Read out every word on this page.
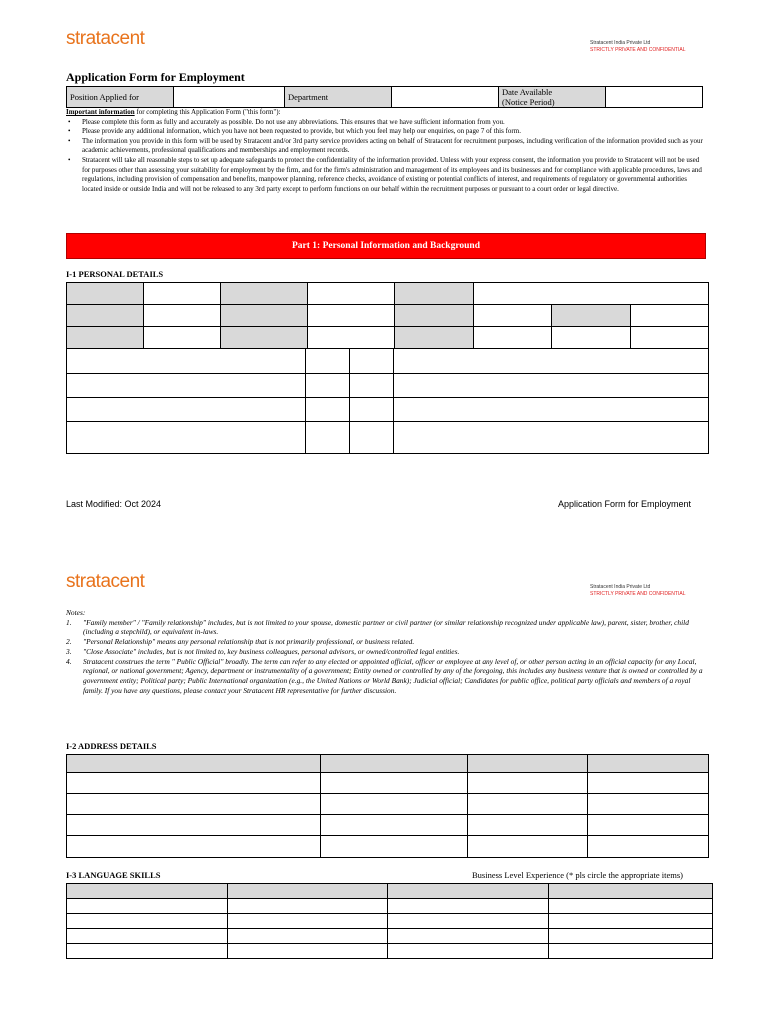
stratacent	Stratacent India Private Ltd
STRICTLY PRIVATE AND CONFIDENTIAL
Application Form for Employment
Position Applied for		Department		Date Available
(Notice Period)

Important information for completing this Application Form ("this form"):
• Please complete this form as fully and accurately as possible. Do not use any abbreviations. This ensures that we have sufficient information from you.
• Please provide any additional information, which you have not been requested to provide, but which you feel may help our enquiries, on page 7 of this form.
• The information you provide in this form will be used by Stratacent and/or 3rd party service providers acting on behalf of Stratacent for recruitment purposes, including verification of the information provided such as your academic achievements, professional qualifications and memberships and employment records.
• Stratacent will take all reasonable steps to set up adequate safeguards to protect the confidentiality of the information provided. Unless with your express consent, the information you provide to Stratacent will not be used for purposes other than assessing your suitability for employment by the firm, and for the firm's administration and management of its employees and its businesses and for compliance with applicable procedures, laws and regulations, including provision of compensation and benefits, manpower planning, reference checks, avoidance of existing or potential conflicts of interest, and requirements of regulatory or governmental authorities located inside or outside India and will not be released to any 3rd party except to perform functions on our behalf within the recruitment purposes or pursuant to a court order or legal directive.
Part 1: Personal Information and Background
I-1 PERSONAL DETAILS

Last Modified: Oct 2024	Application Form for Employment
stratacent	Stratacent India Private Ltd
STRICTLY PRIVATE AND CONFIDENTIAL
Notes:
1. "Family member" / "Family relationship" includes, but is not limited to your spouse, domestic partner or civil partner (or similar relationship recognized under applicable law), parent, sister, brother, child (including a stepchild), or equivalent in-laws.
2. "Personal Relationship" means any personal relationship that is not primarily professional, or business related.
3. "Close Associate" includes, but is not limited to, key business colleagues, personal advisors, or owned/controlled legal entities.
4. Stratacent construes the term " Public Official" broadly. The term can refer to any elected or appointed official, officer or employee at any level of, or other person acting in an official capacity for any Local, regional, or national government; Agency, department or instrumentality of a government; Entity owned or controlled by any of the foregoing, this includes any business venture that is owned or controlled by a government entity; Political party; Public International organization (e.g., the United Nations or World Bank); Judicial official; Candidates for public office, political party officials and members of a royal family. If you have any questions, please contact your Stratacent HR representative for further discussion.
I-2 ADDRESS DETAILS

I-3 LANGUAGE SKILLS	Business Level Experience (* pls circle the appropriate items)
